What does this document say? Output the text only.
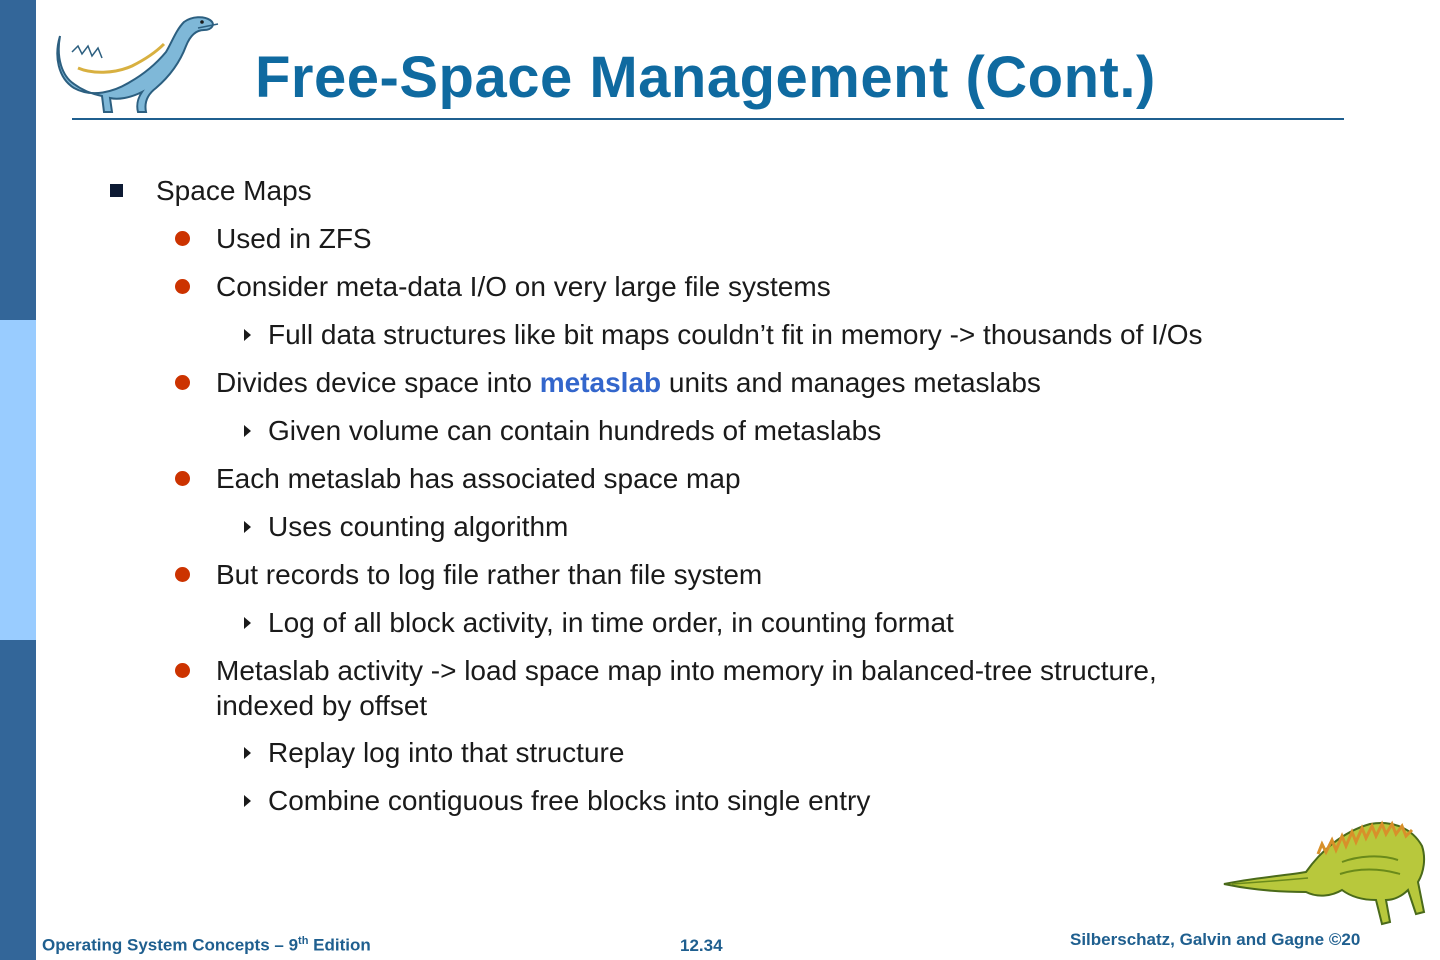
Free-Space Management (Cont.)
Space Maps
Used in ZFS
Consider meta-data I/O on very large file systems
Full data structures like bit maps couldn’t fit in memory -> thousands of I/Os
Divides device space into metaslab units and manages metaslabs
Given volume can contain hundreds of metaslabs
Each metaslab has associated space map
Uses counting algorithm
But records to log file rather than file system
Log of all block activity, in time order, in counting format
Metaslab activity -> load space map into memory in balanced-tree structure,
indexed by offset
Replay log into that structure
Combine contiguous free blocks into single entry
Operating System Concepts – 9th Edition	12.34	Silberschatz, Galvin and Gagne ©20
